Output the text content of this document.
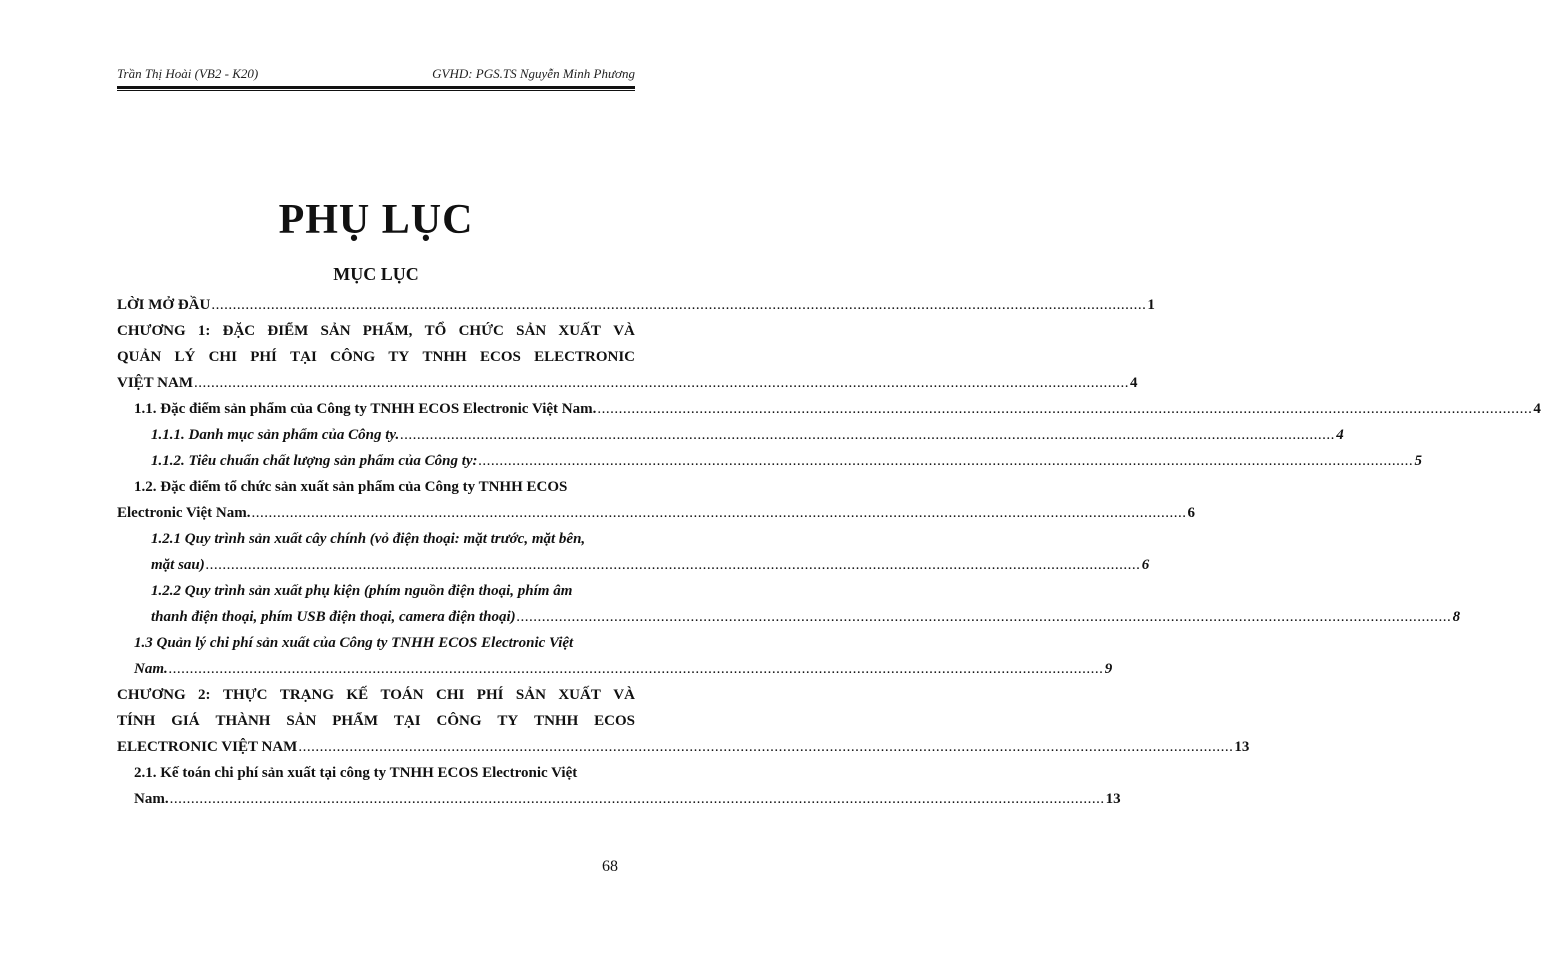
Trần Thị Hoài (VB2 - K20)	GVHD: PGS.TS Nguyễn Minh Phương
PHỤ LỤC
MỤC LỤC
LỜI MỞ ĐẦU ............................................................................................................................................................................................................................ 1
CHƯƠNG 1: ĐẶC ĐIỂM SẢN PHẨM, TỔ CHỨC SẢN XUẤT VÀ
QUẢN LÝ CHI PHÍ TẠI CÔNG TY TNHH ECOS ELECTRONIC
VIỆT NAM ............................................................................................................................................................................................................................ 4
1.1. Đặc điểm sản phẩm của Công ty TNHH ECOS Electronic Việt Nam. ............................................................................................................................................................................................................................ 4
1.1.1. Danh mục sản phẩm của Công ty. ............................................................................................................................................................................................................................ 4
1.1.2. Tiêu chuẩn chất lượng sản phẩm của Công ty: ............................................................................................................................................................................................................................ 5
1.2. Đặc điểm tổ chức sản xuất sản phẩm của Công ty TNHH ECOS
Electronic Việt Nam. ............................................................................................................................................................................................................................ 6
1.2.1 Quy trình sản xuất cây chính (vỏ điện thoại: mặt trước, mặt bên,
mặt sau) ............................................................................................................................................................................................................................ 6
1.2.2 Quy trình sản xuất phụ kiện (phím nguồn điện thoại, phím âm
thanh điện thoại, phím USB điện thoại, camera điện thoại) ............................................................................................................................................................................................................................ 8
1.3 Quản lý chi phí sản xuất của Công ty TNHH ECOS Electronic Việt
Nam. ............................................................................................................................................................................................................................ 9
CHƯƠNG 2: THỰC TRẠNG KẾ TOÁN CHI PHÍ SẢN XUẤT VÀ
TÍNH GIÁ THÀNH SẢN PHẨM TẠI CÔNG TY TNHH ECOS
ELECTRONIC VIỆT NAM ............................................................................................................................................................................................................................ 13
2.1. Kế toán chi phí sản xuất tại công ty TNHH ECOS Electronic Việt
Nam. ............................................................................................................................................................................................................................ 13
68
